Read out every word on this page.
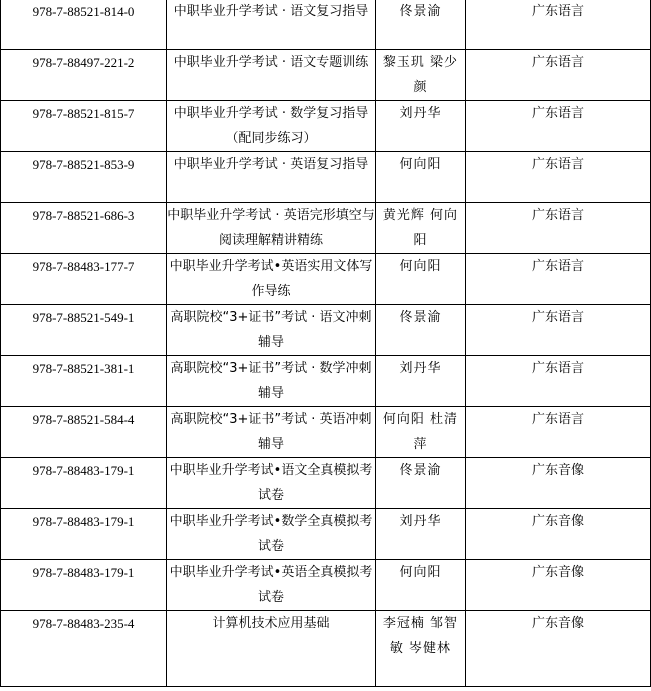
978-7-88521-814-0	中职毕业升学考试 · 语文复习指导	佟景渝	广东语言
978-7-88497-221-2	中职毕业升学考试 · 语文专题训练	黎玉玑 梁少颜	广东语言
978-7-88521-815-7	中职毕业升学考试 · 数学复习指导（配同步练习）	刘丹华	广东语言
978-7-88521-853-9	中职毕业升学考试 · 英语复习指导	何向阳	广东语言
978-7-88521-686-3	中职毕业升学考试 · 英语完形填空与阅读理解精讲精练	黄光辉 何向阳	广东语言
978-7-88483-177-7	中职毕业升学考试•英语实用文体写作导练	何向阳	广东语言
978-7-88521-549-1	高职院校“3+证书”考试 · 语文冲刺辅导	佟景渝	广东语言
978-7-88521-381-1	高职院校“3+证书”考试 · 数学冲刺辅导	刘丹华	广东语言
978-7-88521-584-4	高职院校“3+证书”考试 · 英语冲刺辅导	何向阳 杜清萍	广东语言
978-7-88483-179-1	中职毕业升学考试•语文全真模拟考试卷	佟景渝	广东音像
978-7-88483-179-1	中职毕业升学考试•数学全真模拟考试卷	刘丹华	广东音像
978-7-88483-179-1	中职毕业升学考试•英语全真模拟考试卷	何向阳	广东音像
978-7-88483-235-4	计算机技术应用基础	李冠楠 邹智敏 岑健林	广东音像
